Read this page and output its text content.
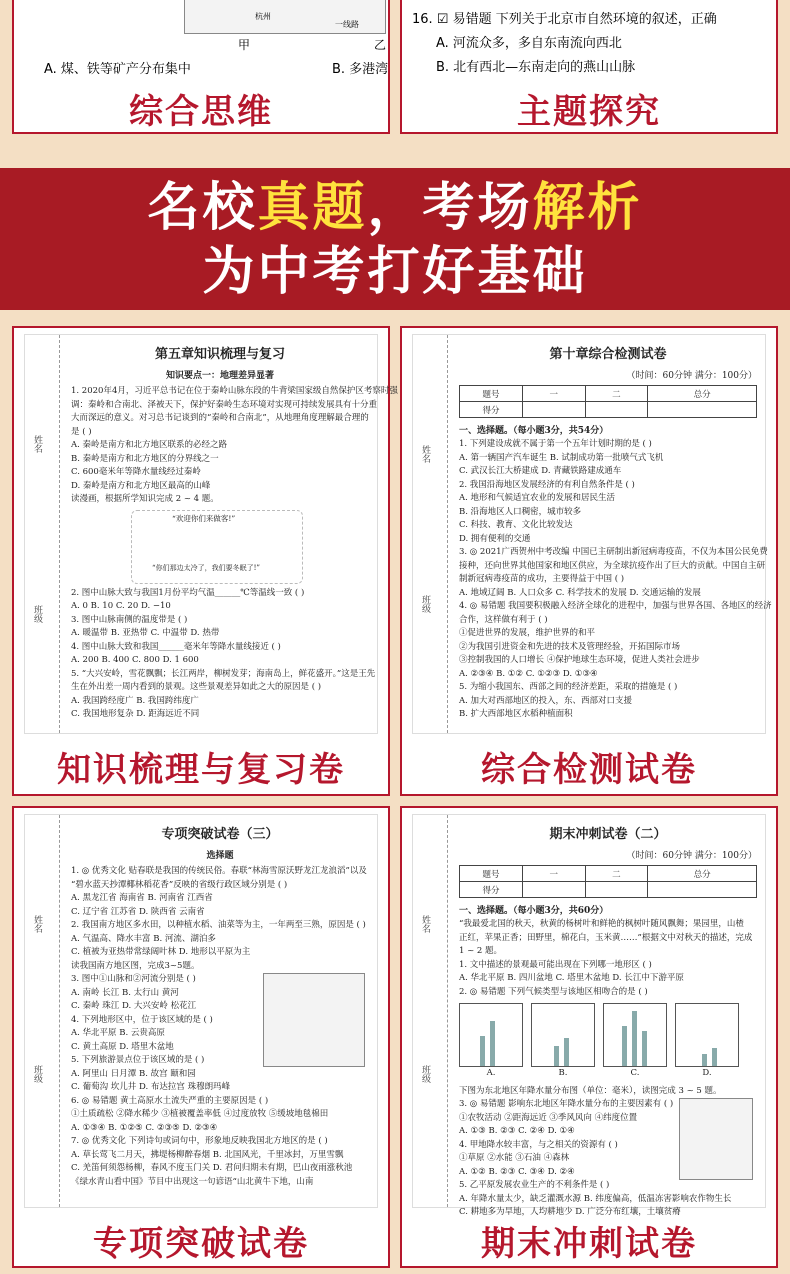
杭州
一线路
甲	乙
A. 煤、铁等矿产分布集中	B. 多港湾
综合思维
16. ☑ 易错题 下列关于北京市自然环境的叙述，正确
A. 河流众多，多自东南流向西北
B. 北有西北—东南走向的燕山山脉
主题探究
名校真题，考场解析
为中考打好基础
姓名
班级
第五章知识梳理与复习
知识要点一：地理差异显著
1. 2020年4月，习近平总书记在位于秦岭山脉东段的牛背梁国家级自然保护区考察时强
调：秦岭和合南北、泽被天下，保护好秦岭生态环境对实现可持续发展具有十分重
大而深远的意义。对习总书记谈到的“秦岭和合南北”，从地理角度理解最合理的
是 ( )
A. 秦岭是南方和北方地区联系的必经之路
B. 秦岭是南方和北方地区的分界线之一
C. 600毫米年等降水量线经过秦岭
D. 秦岭是南方和北方地区最高的山峰
读漫画，根据所学知识完成 2 ~ 4 题。
“欢迎你们来做客!”
“你们那边太冷了，我们要冬眠了!”
2. 图中山脉大致与我国1月份平均气温______℃等温线一致 ( )
A. 0 B. 10 C. 20 D. −10
3. 图中山脉南侧的温度带是 ( )
A. 暖温带 B. 亚热带 C. 中温带 D. 热带
4. 图中山脉大致和我国______毫米年等降水量线接近 ( )
A. 200 B. 400 C. 800 D. 1 600
5. “大兴安岭，雪花飘飘；长江两岸，柳树发芽；海南岛上，鲜花盛开。”这是王先
生在外出差一周内看到的景观。这些景观差异如此之大的原因是 ( )
A. 我国跨经度广 B. 我国跨纬度广
C. 我国地形复杂 D. 距海远近不同
知识梳理与复习卷
姓名
班级
第十章综合检测试卷
（时间：60分钟 满分：100分）
题号	一	二	总分
得分			
一、选择题。（每小题3分，共54分）
1. 下列建设成就不属于第一个五年计划时期的是 ( )
A. 第一辆国产汽车诞生 B. 试制成功第一批喷气式飞机
C. 武汉长江大桥建成 D. 青藏铁路建成通车
2. 我国沿海地区发展经济的有利自然条件是 ( )
A. 地形和气候适宜农业的发展和居民生活
B. 沿海地区人口稠密，城市较多
C. 科技、教育、文化比较发达
D. 拥有便利的交通
3. ◎ 2021广西贺州中考改编 中国已主研制出新冠病毒疫苗，不仅为本国公民免费
接种，还向世界其他国家和地区供应，为全球抗疫作出了巨大的贡献。中国自主研
制新冠病毒疫苗的成功，主要得益于中国 ( )
A. 地域辽阔 B. 人口众多 C. 科学技术的发展 D. 交通运输的发展
4. ◎ 易错题 我国要积极融入经济全球化的进程中，加强与世界各国、各地区的经济
合作，这样做有利于 ( )
①促进世界的发展，维护世界的和平
②为我国引进资金和先进的技术及管理经验，开拓国际市场
③控制我国的人口增长 ④保护地球生态环境，促进人类社会进步
A. ②③④ B. ①② C. ①②③ D. ①③④
5. 为缩小我国东、西部之间的经济差距，采取的措施是 ( )
A. 加大对西部地区的投入，东、西部对口支援
B. 扩大西部地区水稻种植面积
综合检测试卷
姓名
班级
专项突破试卷（三）
选择题
1. ◎ 优秀文化 贴春联是我国的传统民俗。春联“林海雪原沃野龙江龙浪滔”以及
“碧水蓝天抄潭椰林稻花香”反映的省级行政区域分别是 ( )
A. 黑龙江省 海南省 B. 河南省 江西省
C. 辽宁省 江苏省 D. 陕西省 云南省
2. 我国南方地区多水田，以种植水稻、油菜等为主，一年两至三熟，原因是 ( )
A. 气温高、降水丰富 B. 河流、湖泊多
C. 植被为亚热带常绿阔叶林 D. 地形以平原为主
读我国南方地区图，完成3~5题。
3. 图中①山脉和②河流分别是 ( )
A. 南岭 长江 B. 太行山 黄河
C. 秦岭 珠江 D. 大兴安岭 松花江
4. 下列地形区中，位于该区域的是 ( )
A. 华北平原 B. 云贵高原
C. 黄土高原 D. 塔里木盆地
5. 下列旅游景点位于该区域的是 ( )
A. 阿里山 日月潭 B. 故宫 颐和园
C. 葡萄沟 坎儿井 D. 布达拉宫 珠穆朗玛峰
6. ◎ 易错题 黄土高原水土流失严重的主要原因是 ( )
①土质疏松 ②降水稀少 ③植被覆盖率低 ④过度放牧 ⑤缓坡地毯棉田
A. ①③④ B. ①②⑤ C. ②③⑤ D. ②③④
7. ◎ 优秀文化 下列诗句或词句中，形象地反映我国北方地区的是 ( )
A. 草长莺飞二月天，拂堤杨柳醉春烟 B. 北国风光，千里冰封，万里雪飘
C. 羌笛何须怨杨柳，春风不度玉门关 D. 君问归期未有期，巴山夜雨涨秋池
《绿水青山看中国》节目中出现这一句谚语“山北黄牛下地，山南
专项突破试卷
姓名
班级
期末冲刺试卷（二）
（时间：60分钟 满分：100分）
题号	一	二	总分
得分			
一、选择题。（每小题3分，共60分）
“我最爱北国的秋天，秋黄的杨树叶和鲜艳的枫树叶随风飘舞；果园里，山楂
正红，苹果正香；田野里，棉花白，玉米黄……”根据文中对秋天的描述，完成
1 ~ 2 题。
1. 文中描述的景观最可能出现在下列哪一地形区 ( )
A. 华北平原 B. 四川盆地 C. 塔里木盆地 D. 长江中下游平原
2. ◎ 易错题 下列气候类型与该地区相吻合的是 ( )
A.	B.	C.	D.
下图为东北地区年降水量分布图（单位：毫米），读图完成 3 ~ 5 题。
3. ◎ 易错题 影响东北地区年降水量分布的主要因素有 ( )
①农牧活动 ②距海远近 ③季风风向 ④纬度位置
A. ①③ B. ②③ C. ②④ D. ①④
4. 甲地降水较丰富，与之相关的资源有 ( )
①草原 ②水能 ③石油 ④森林
A. ①② B. ②③ C. ③④ D. ②④
5. 乙平原发展农业生产的不利条件是 ( )
A. 年降水量太少，缺乏灌溉水源 B. 纬度偏高，低温冻害影响农作物生长
C. 耕地多为旱地，人均耕地少 D. 广泛分布红壤，土壤贫瘠
期末冲刺试卷
